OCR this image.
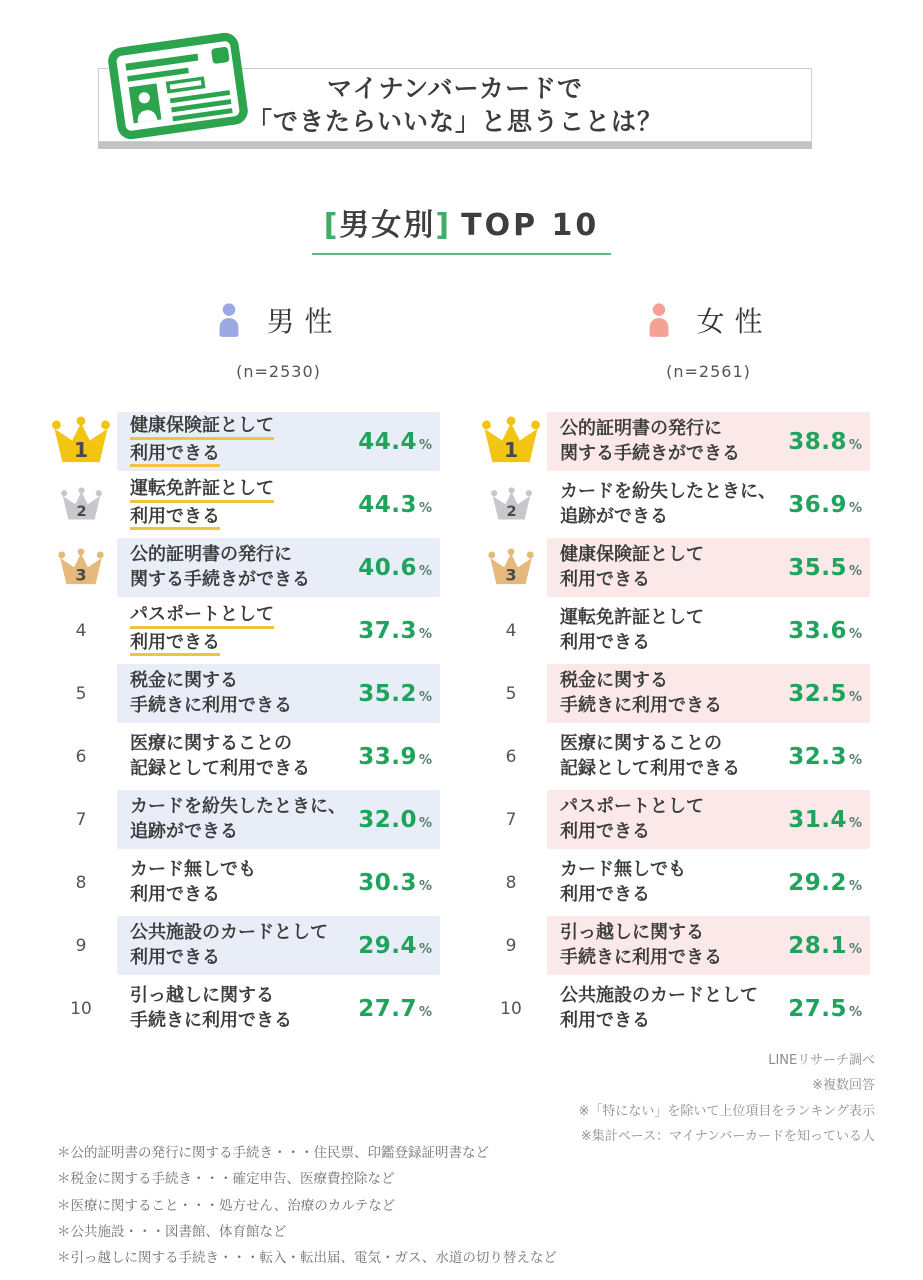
マイナンバーカードで
「できたらいいな」と思うことは？
[男女別] TOP 10
男性
(n=2530)
1
健康保険証として
利用できる	44.4 %
2
運転免許証として
利用できる	44.3 %
3
公的証明書の発行に
関する手続きができる 40.6 %
4
パスポートとして
利用できる	37.3 %
5
税金に関する
手続きに利用できる	35.2 %
6
医療に関することの
記録として利用できる 33.9 %
7
カードを紛失したときに、
追跡ができる	32.0 %
8
カード無しでも
利用できる	30.3 %
9
公共施設のカードとして
利用できる	29.4 %
10
引っ越しに関する
手続きに利用できる	27.7 %
女性
(n=2561)
1
公的証明書の発行に
関する手続きができる 38.8 %
2
カードを紛失したときに、
追跡ができる	36.9 %
3
健康保険証として
利用できる	35.5 %
4
運転免許証として
利用できる	33.6 %
5
税金に関する
手続きに利用できる	32.5 %
6
医療に関することの
記録として利用できる 32.3 %
7
パスポートとして
利用できる	31.4 %
8
カード無しでも
利用できる	29.2 %
9
引っ越しに関する
手続きに利用できる	28.1 %
10
公共施設のカードとして
利用できる	27.5 %
LINEリサーチ調べ
※複数回答
※「特にない」を除いて上位項目をランキング表示
※集計ベース：マイナンバーカードを知っている人
＊公的証明書の発行に関する手続き・・・住民票、印鑑登録証明書など
＊税金に関する手続き・・・確定申告、医療費控除など
＊医療に関すること・・・処方せん、治療のカルテなど
＊公共施設・・・図書館、体育館など
＊引っ越しに関する手続き・・・転入・転出届、電気・ガス、水道の切り替えなど
